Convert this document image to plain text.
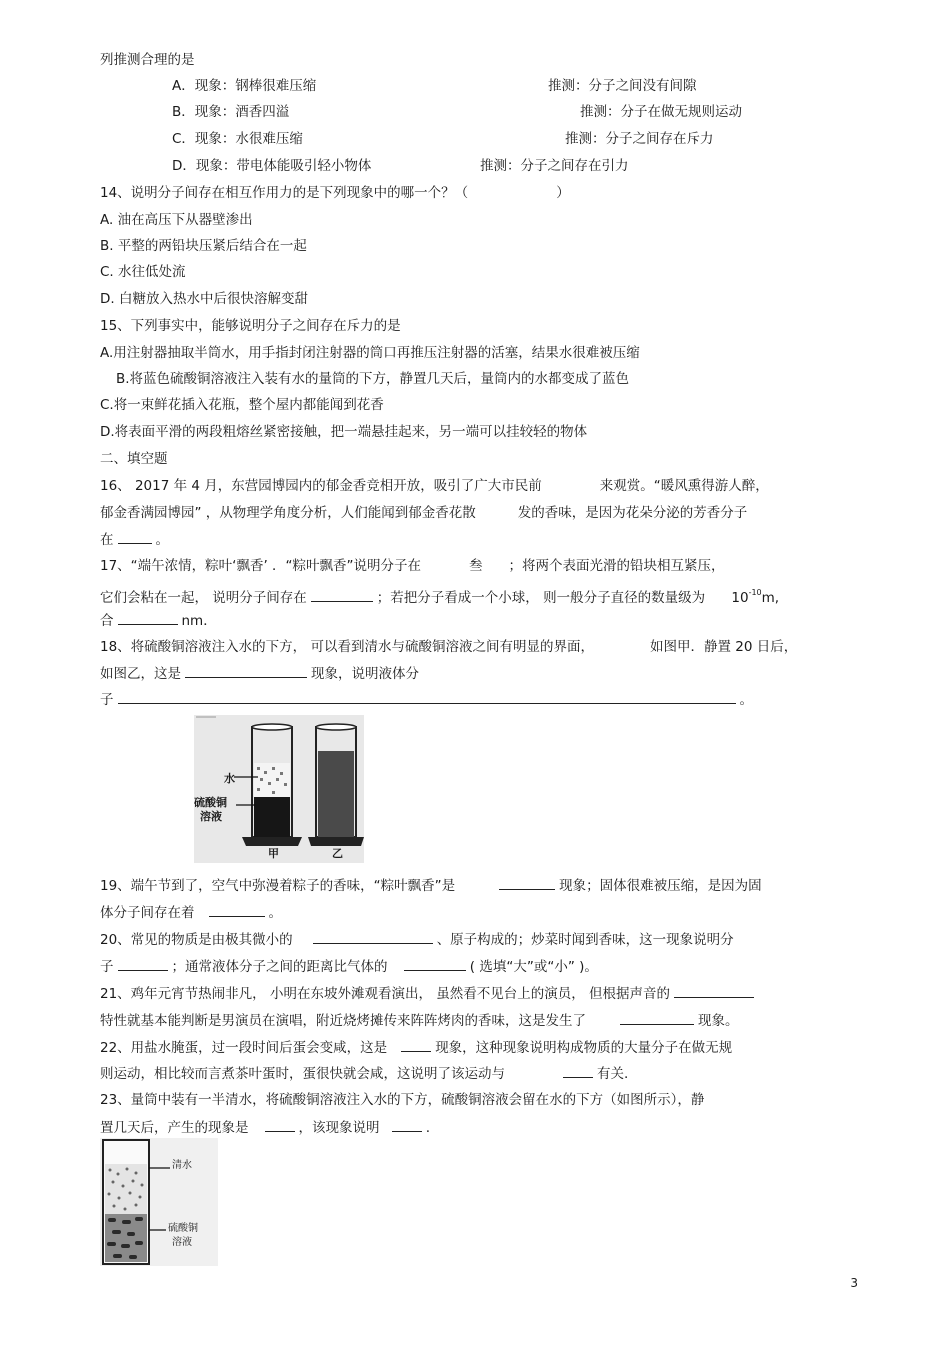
列推测合理的是
A．现象：钢棒很难压缩	推测：分子之间没有间隙
B．现象：酒香四溢	推测：分子在做无规则运动
C．现象：水很难压缩	推测：分子之间存在斥力
D．现象：带电体能吸引轻小物体	推测：分子之间存在引力
14、说明分子间存在相互作用力的是下列现象中的哪一个？（	）
A. 油在高压下从器壁渗出
B. 平整的两铅块压紧后结合在一起
C. 水往低处流
D. 白糖放入热水中后很快溶解变甜
15、下列事实中，能够说明分子之间存在斥力的是
A.用注射器抽取半筒水，用手指封闭注射器的筒口再推压注射器的活塞，结果水很难被压缩
B.将蓝色硫酸铜溶液注入装有水的量筒的下方，静置几天后，量筒内的水都变成了蓝色
C.将一束鲜花插入花瓶，整个屋内都能闻到花香
D.将表面平滑的两段粗熔丝紧密接触，把一端悬挂起来，另一端可以挂较轻的物体
二、填空题
16、 2017 年 4 月，东营园博园内的郁金香竞相开放，吸引了广大市民前	来观赏。“暖风熏得游人醉，
郁金香满园博园” ，从物理学角度分析，人们能闻到郁金香花散	发的香味，是因为花朵分泌的芳香分子
在	。
17、“端午浓情，粽叶‘飘香’ ．“粽叶飘香”说明分子在	叁 ；将两个表面光滑的铅块相互紧压，
它们会粘在一起， 说明分子间存在	；若把分子看成一个小球， 则一般分子直径的数量级为 $10^{-10}m$,
合	nm．
18、将硫酸铜溶液注入水的下方， 可以看到清水与硫酸铜溶液之间有明显的界面，	如图甲．静置 20 日后，
如图乙，这是	现象，说明液体分
子	。
水
硫酸铜
溶液
甲	乙
19、端午节到了，空气中弥漫着粽子的香味，“粽叶飘香”是	现象；固体很难被压缩，是因为固
体分子间存在着	。
20、常见的物质是由极其微小的	、原子构成的；炒菜时闻到香味，这一现象说明分
子	；通常液体分子之间的距离比气体的	( 选填“大”或“小” )。
21、鸡年元宵节热闹非凡， 小明在东坡外滩观看演出， 虽然看不见台上的演员， 但根据声音的
特性就基本能判断是男演员在演唱，附近烧烤摊传来阵阵烤肉的香味，这是发生了	现象。
22、用盐水腌蛋，过一段时间后蛋会变咸，这是	现象，这种现象说明构成物质的大量分子在做无规
则运动，相比较而言煮茶叶蛋时，蛋很快就会咸，这说明了该运动与	有关.
23、量筒中装有一半清水，将硫酸铜溶液注入水的下方，硫酸铜溶液会留在水的下方（如图所示），静
置几天后，产生的现象是	，该现象说明	.
清水
硫酸铜
溶液
3
